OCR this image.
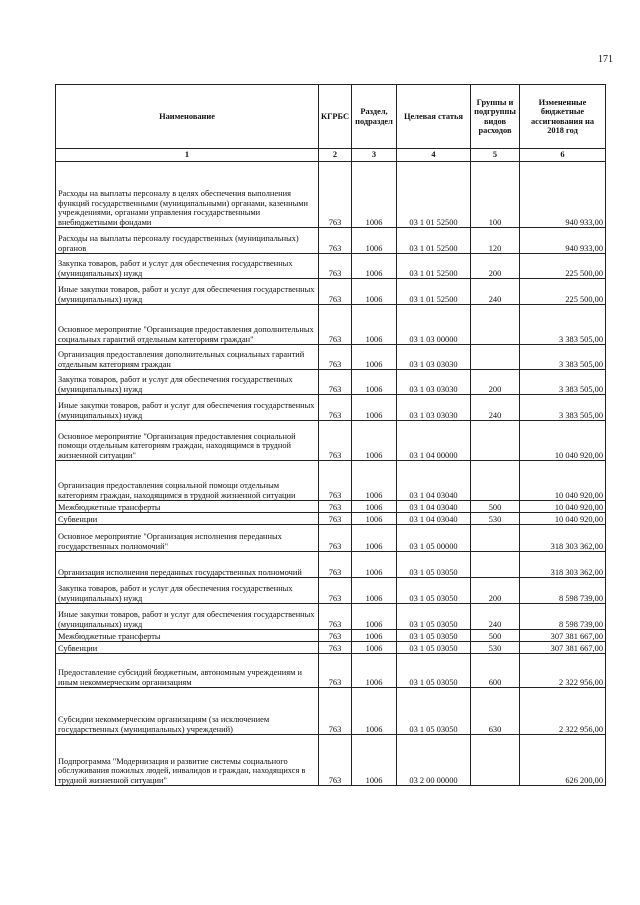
171
Наименование	КГРБС	Раздел, подраздел	Целевая статья	Группы и подгруппы видов расходов	Измененные бюджетные ассигнования на 2018 год
1	2	3	4	5	6
Расходы на выплаты персоналу в целях обеспечения выполнения функций государственными (муниципальными) органами, казенными учреждениями, органами управления государственными внебюджетными фондами	763	1006	03 1 01 52500	100	940 933,00
Расходы на выплаты персоналу государственных (муниципальных) органов	763	1006	03 1 01 52500	120	940 933,00
Закупка товаров, работ и услуг для обеспечения государственных (муниципальных) нужд	763	1006	03 1 01 52500	200	225 500,00
Иные закупки товаров, работ и услуг для обеспечения государственных (муниципальных) нужд	763	1006	03 1 01 52500	240	225 500,00
Основное мероприятие "Организация предоставления дополнительных социальных гарантий отдельным категориям граждан"	763	1006	03 1 03 00000		3 383 505,00
Организация предоставления дополнительных социальных гарантий отдельным категориям граждан	763	1006	03 1 03 03030		3 383 505,00
Закупка товаров, работ и услуг для обеспечения государственных (муниципальных) нужд	763	1006	03 1 03 03030	200	3 383 505,00
Иные закупки товаров, работ и услуг для обеспечения государственных (муниципальных) нужд	763	1006	03 1 03 03030	240	3 383 505,00
Основное мероприятие "Организация предоставления социальной помощи отдельным категориям граждан, находящимся в трудной жизненной ситуации"	763	1006	03 1 04 00000		10 040 920,00
Организация предоставления социальной помощи отдельным категориям граждан, находящимся в трудной жизненной ситуации	763	1006	03 1 04 03040		10 040 920,00
Межбюджетные трансферты	763	1006	03 1 04 03040	500	10 040 920,00
Субвенции	763	1006	03 1 04 03040	530	10 040 920,00
Основное мероприятие "Организация исполнения переданных государственных полномочий"	763	1006	03 1 05 00000		318 303 362,00
Организация исполнения переданных государственных полномочий	763	1006	03 1 05 03050		318 303 362,00
Закупка товаров, работ и услуг для обеспечения государственных (муниципальных) нужд	763	1006	03 1 05 03050	200	8 598 739,00
Иные закупки товаров, работ и услуг для обеспечения государственных (муниципальных) нужд	763	1006	03 1 05 03050	240	8 598 739,00
Межбюджетные трансферты	763	1006	03 1 05 03050	500	307 381 667,00
Субвенции	763	1006	03 1 05 03050	530	307 381 667,00
Предоставление субсидий бюджетным, автономным учреждениям и иным некоммерческим организациям	763	1006	03 1 05 03050	600	2 322 956,00
Субсидии некоммерческим организациям (за исключением государственных (муниципальных) учреждений)	763	1006	03 1 05 03050	630	2 322 956,00
Подпрограмма "Модернизация и развитие системы социального обслуживания пожилых людей, инвалидов и граждан, находящихся в трудной жизненной ситуации"	763	1006	03 2 00 00000		626 200,00
